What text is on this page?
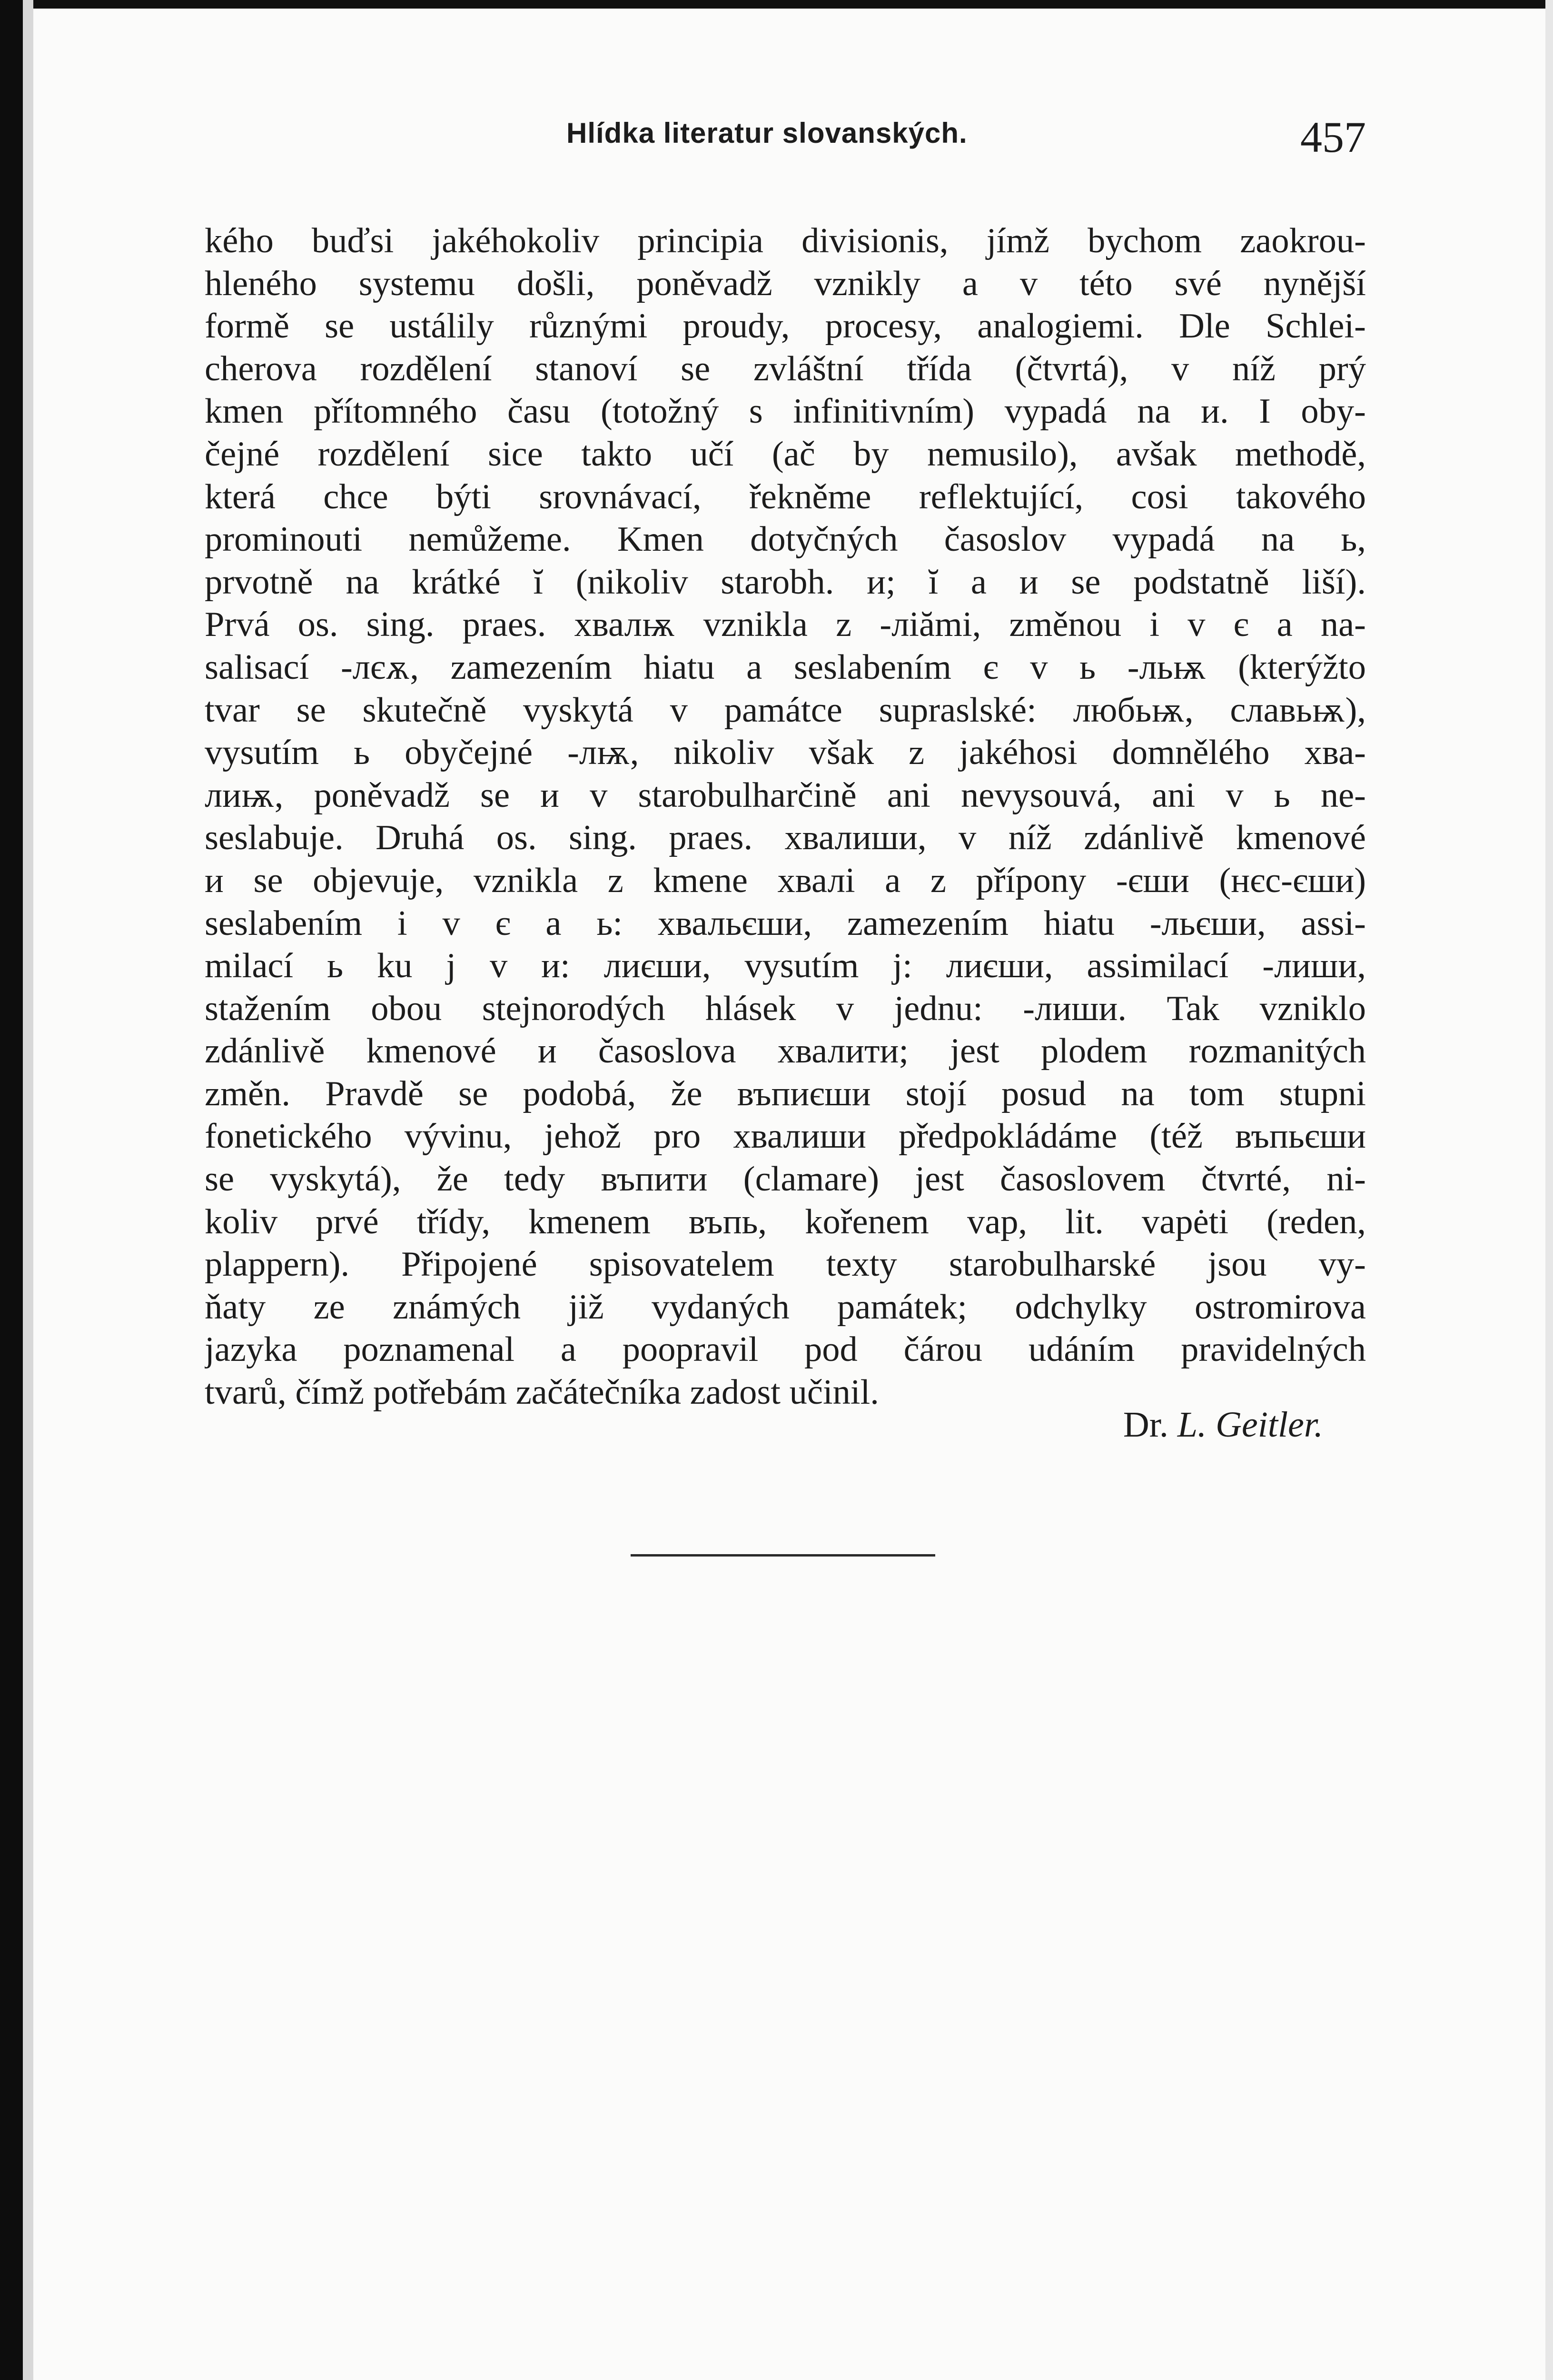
Hlídka literatur slovanských.	457
kého buďsi jakéhokoliv principia divisionis, jímž bychom zaokrou-
hleného systemu došli, poněvadž vznikly a v této své nynější
formě se ustálily různými proudy, procesy, analogiemi. Dle Schlei-
cherova rozdělení stanoví se zvláštní třída (čtvrtá), v níž prý
kmen přítomného času (totožný s infinitivním) vypadá na и. I oby-
čejné rozdělení sice takto učí (ač by nemusilo), avšak methodě,
která chce býti srovnávací, řekněme reflektující, cosi takového
prominouti nemůžeme. Kmen dotyčných časoslov vypadá na ь,
prvotně na krátké ĭ (nikoliv starobh. и; ĭ a и se podstatně liší).
Prvá os. sing. praes. хвалѭ vznikla z -лiămi, změnou i v є a na-
salisací -лєѫ, zamezením hiatu a seslabením є v ь -льѭ (kterýžto
tvar se skutečně vyskytá v památce supraslské: любьѭ, славьѭ),
vysutím ь obyčejné -лѭ, nikoliv však z jakéhosi domnělého хва-
лиѭ, poněvadž se и v starobulharčině ani nevysouvá, ani v ь ne-
seslabuje. Druhá os. sing. praes. хвалиши, v níž zdánlivě kmenové
и se objevuje, vznikla z kmene хвалі a z přípony -єши (нєс-єши)
seslabením i v є a ь: хвальєши, zamezením hiatu -льєши, assi-
milací ь ku j v и: лиєши, vysutím j: лиєши, assimilací -лиши,
stažením obou stejnorodých hlásek v jednu: -лиши. Tak vzniklo
zdánlivě kmenové и časoslova хвалити; jest plodem rozmanitých
změn. Pravdě se podobá, že въпиєши stojí posud na tom stupni
fonetického vývinu, jehož pro хвалиши předpokládáme (též въпьєши
se vyskytá), že tedy въпити (clamare) jest časoslovem čtvrté, ni-
koliv prvé třídy, kmenem въпь, kořenem vap, lit. vapėti (reden,
plappern). Připojené spisovatelem texty starobulharské jsou vy-
ňaty ze známých již vydaných památek; odchylky ostromirova
jazyka poznamenal a poopravil pod čárou udáním pravidelných
tvarů, čímž potřebám začátečníka zadost učinil.
Dr. L. Geitler.
